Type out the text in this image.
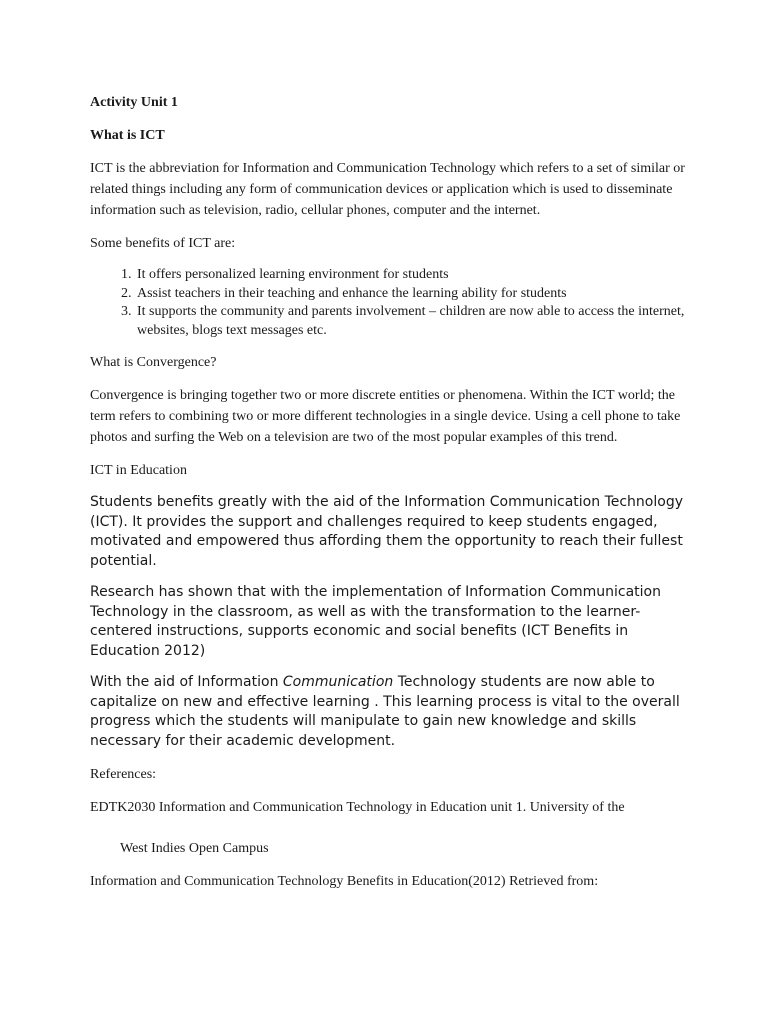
Activity Unit 1
What is ICT

ICT is the abbreviation for Information and Communication Technology which refers to a set of similar or related things including any form of communication devices or application which is used to disseminate information such as television, radio, cellular phones, computer and the internet.

Some benefits of ICT are:

1. It offers personalized learning environment for students
2. Assist teachers in their teaching and enhance the learning ability for students
3. It supports the community and parents involvement – children are now able to access the internet, websites, blogs text messages etc.

What is Convergence?

Convergence is bringing together two or more discrete entities or phenomena. Within the ICT world; the term refers to combining two or more different technologies in a single device. Using a cell phone to take photos and surfing the Web on a television are two of the most popular examples of this trend.

ICT in Education

Students benefits greatly with the aid of the Information Communication Technology (ICT). It provides the support and challenges required to keep students engaged, motivated and empowered thus affording them the opportunity to reach their fullest potential.

Research has shown that with the implementation of Information Communication Technology in the classroom, as well as with the transformation to the learner-centered instructions, supports economic and social benefits (ICT Benefits in Education 2012)

With the aid of Information Communication Technology students are now able to capitalize on new and effective learning . This learning process is vital to the overall progress which the students will manipulate to gain new knowledge and skills necessary for their academic development.

References:

EDTK2030 Information and Communication Technology in Education unit 1. University of the

West Indies Open Campus

Information and Communication Technology Benefits in Education(2012) Retrieved from:
